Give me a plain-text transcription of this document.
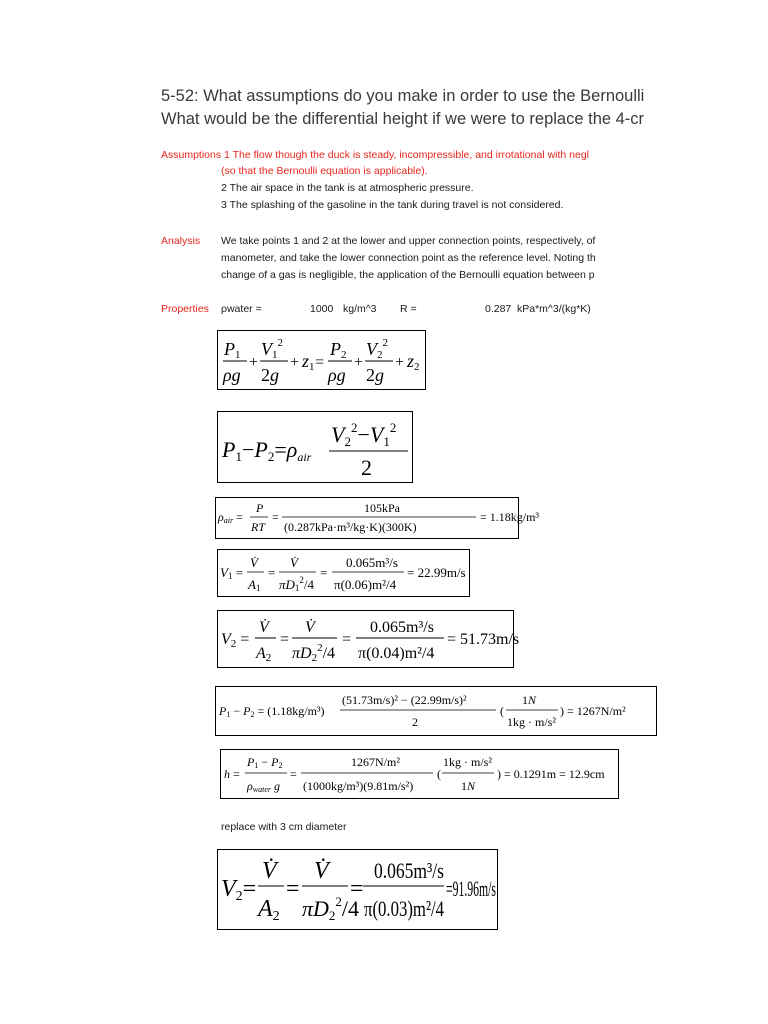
5-52: What assumptions do you make in order to use the Bernoulli
What would be the differential height if we were to replace the 4-cr
Assumptions 1 The flow though the duck is steady, incompressible, and irrotational with negl
(so that the Bernoulli equation is applicable).
2 The air space in the tank is at atmospheric pressure.
3 The splashing of the gasoline in the tank during travel is not considered.
Analysis We take points 1 and 2 at the lower and upper connection points, respectively, of
manometer, and take the lower connection point as the reference level. Noting th
change of a gas is negligible, the application of the Bernoulli equation between p
Properties ρwater =	1000 kg/m^3 R =	0.287 kPa*m^3/(kg*K)
P1
ρg
+
$V1^2$
2g
+ z1 =
P2
ρg
+
$V2^2$
2g
+ z2
P1−P2=ρair
$V2^2-V1^2$
2
ρair =
P
RT
=
105kPa
(0.287kPa·m³/kg·K)(300K)
= 1.18kg/m³
V1 =
V̇
A1
=
V̇
$\pi D1^2/4$
=
0.065m³/s
π(0.06)m²/4
= 22.99m/s
V2 =
V̇
A2
=
V̇
$\pi D2^2/4$
=
0.065m³/s
π(0.04)m²/4
= 51.73m/s
P1 − P2 = (1.18kg/m³)
(51.73m/s)² − (22.99m/s)²
2
(
1N
1kg · m/s²
) = 1267N/m²
h =
P1 − P2
ρwater g
=
1267N/m²
(1000kg/m³)(9.81m/s²)
(
1kg · m/s²
1N
) = 0.1291m = 12.9cm
replace with 3 cm diameter
V2=
V̇
A2
=
V̇
$\pi D2^2/4$
=
0.065m³/s
π(0.03)m²/4
=91.96m/s
